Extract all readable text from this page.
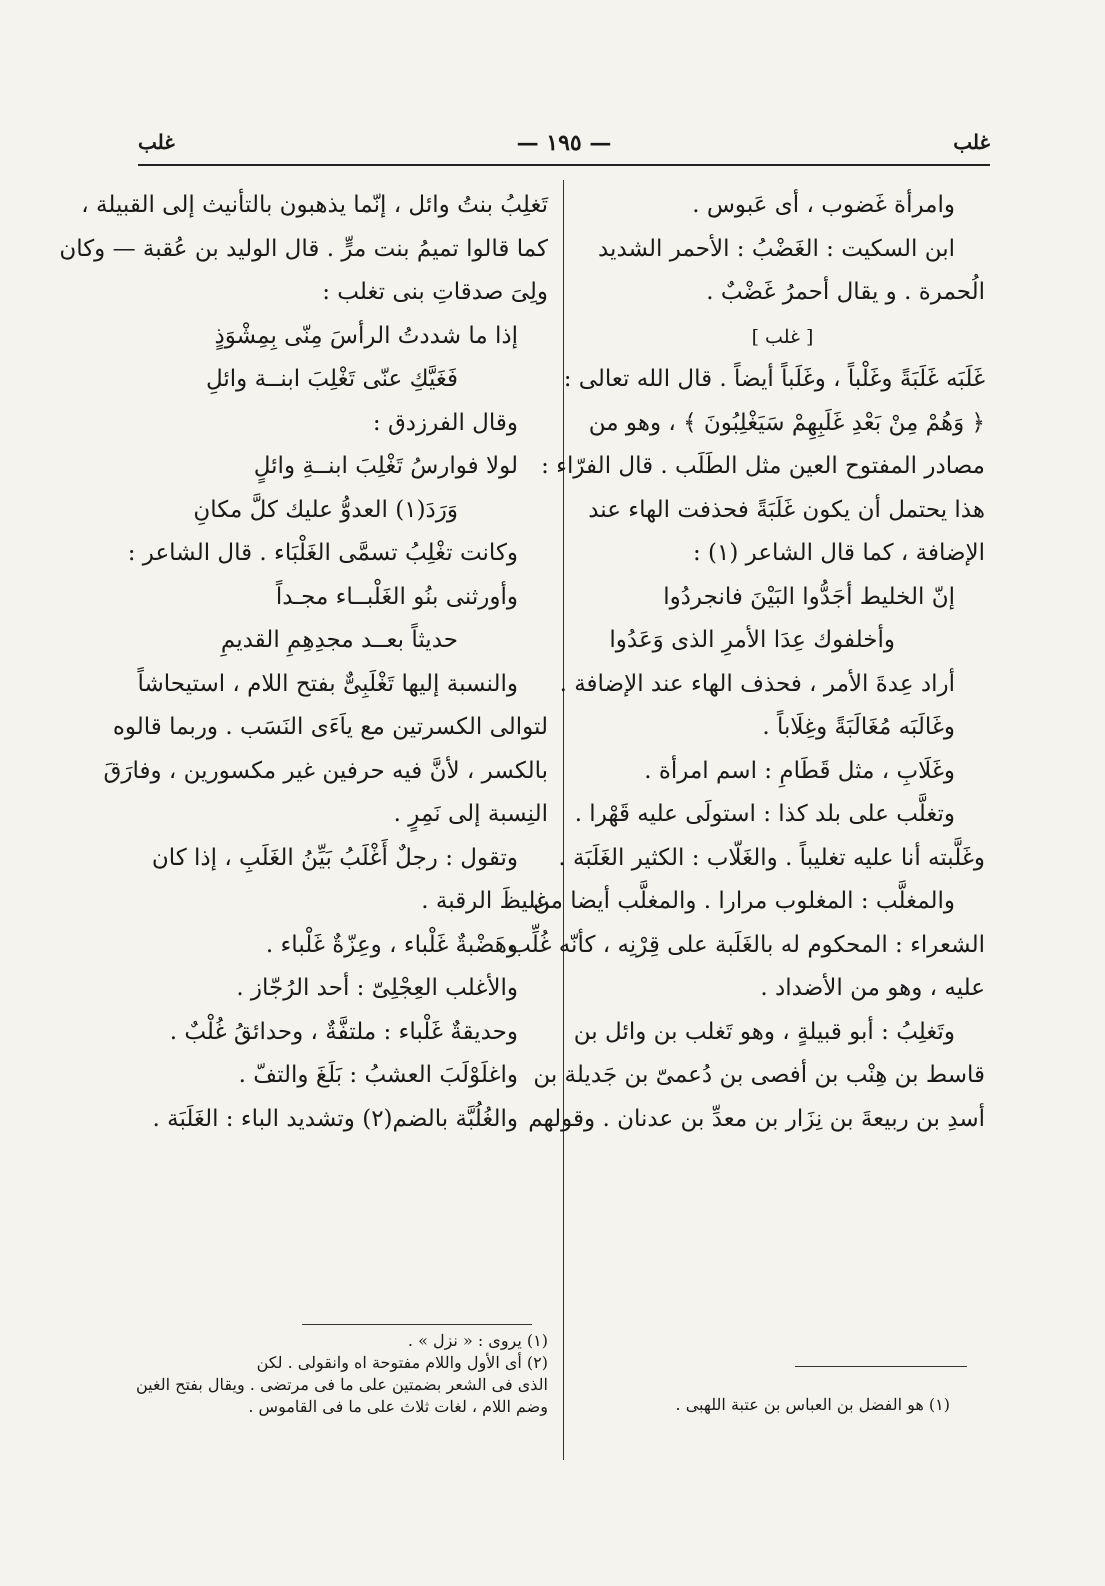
غلب
— ١٩٥ —
غلب
وامرأة غَضوب ، أى عَبوس .
ابن السكيت : الغَضْبُ : الأحمر الشديد
الُحمرة . و يقال أحمرُ غَضْبٌ .
[ غلب ]
غَلَبَه غَلَبَةً وغَلْباً ، وغَلَباً أيضاً . قال الله تعالى :
﴿ وَهُمْ مِنْ بَعْدِ غَلَبِهِمْ سَيَغْلِبُونَ ﴾ ، وهو من
مصادر المفتوح العين مثل الطَلَب . قال الفرّاء :
هذا يحتمل أن يكون غَلَبَةً فحذفت الهاء عند
الإضافة ، كما قال الشاعر (١) :
إنّ الخليط أجَدُّوا البَيْنَ فانجردُوا
وأخلفوك عِدَا الأمرِ الذى وَعَدُوا
أراد عِدةَ الأمر ، فحذف الهاء عند الإضافة .
وغَالَبَه مُغَالَبَةً وغِلَاباً .
وغَلَابِ ، مثل قَطَامِ : اسم امرأة .
وتغلَّب على بلد كذا : استولَى عليه قَهْرا .
وغَلَّبته أنا عليه تغليباً . والغَلّاب : الكثير الغَلَبَة .
والمغلَّب : المغلوب مرارا . والمغلَّب أيضا من
الشعراء : المحكوم له بالغَلَبة على قِرْنِه ، كأنّه غُلِّب
عليه ، وهو من الأضداد .
وتَغلِبُ : أبو قبيلةٍ ، وهو تَغلب بن وائل بن
قاسط بن هِنْب بن أفصى بن دُعمىّ بن جَديلة بن
أسدِ بن ربيعةَ بن نِزَار بن معدِّ بن عدنان . وقولهم
(١) هو الفضل بن العباس بن عتبة اللهبى .
تَغلِبُ بنتُ وائل ، إنّما يذهبون بالتأنيث إلى القبيلة ،
كما قالوا تميمُ بنت مرٍّ . قال الوليد بن عُقبة — وكان
ولِىَ صدقاتِ بنى تغلب :
إذا ما شددتُ الرأسَ مِنّى بِمِشْوَذٍ
فَغَيَّكِ عنّى تَغْلِبَ ابنــة وائلِ
وقال الفرزدق :
لولا فوارسُ تَغْلِبَ ابنــةِ وائلٍ
وَرَدَ(١) العدوُّ عليك كلَّ مكانِ
وكانت تغْلِبُ تسمَّى الغَلْبَاء . قال الشاعر :
وأورثنى بنُو الغَلْبــاء مجـداً
حديثاً بعــد مجدِهِمِ القديمِ
والنسبة إليها تَغْلَبِىٌّ بفتح اللام ، استيحاشاً
لتوالى الكسرتين مع ياَءَى النَسَب . وربما قالوه
بالكسر ، لأنَّ فيه حرفين غير مكسورين ، وفارَقَ
النِسبة إلى نَمِرٍ .
وتقول : رجلٌ أَغْلَبُ بَيِّنُ الغَلَبِ ، إذا كان
غليظَ الرقبة .
وهَضْبةٌ غَلْباء ، وعِزّةٌ غَلْباء .
والأغلب العِجْلِىّ : أحد الرُجّاز .
وحديقةٌ غَلْباء : ملتفَّةٌ ، وحدائقُ غُلْبٌ .
واغلَوْلَبَ العشبُ : بَلَغَ والتفّ .
والغُلُبَّة بالضم(٢) وتشديد الباء : الغَلَبَة .
(١) يروى : « نزل » .
(٢) أى الأول واللام مفتوحة اه وانقولى . لكن
الذى فى الشعر بضمتين على ما فى مرتضى . ويقال بفتح الغين
وضم اللام ، لغات ثلاث على ما فى القاموس .
